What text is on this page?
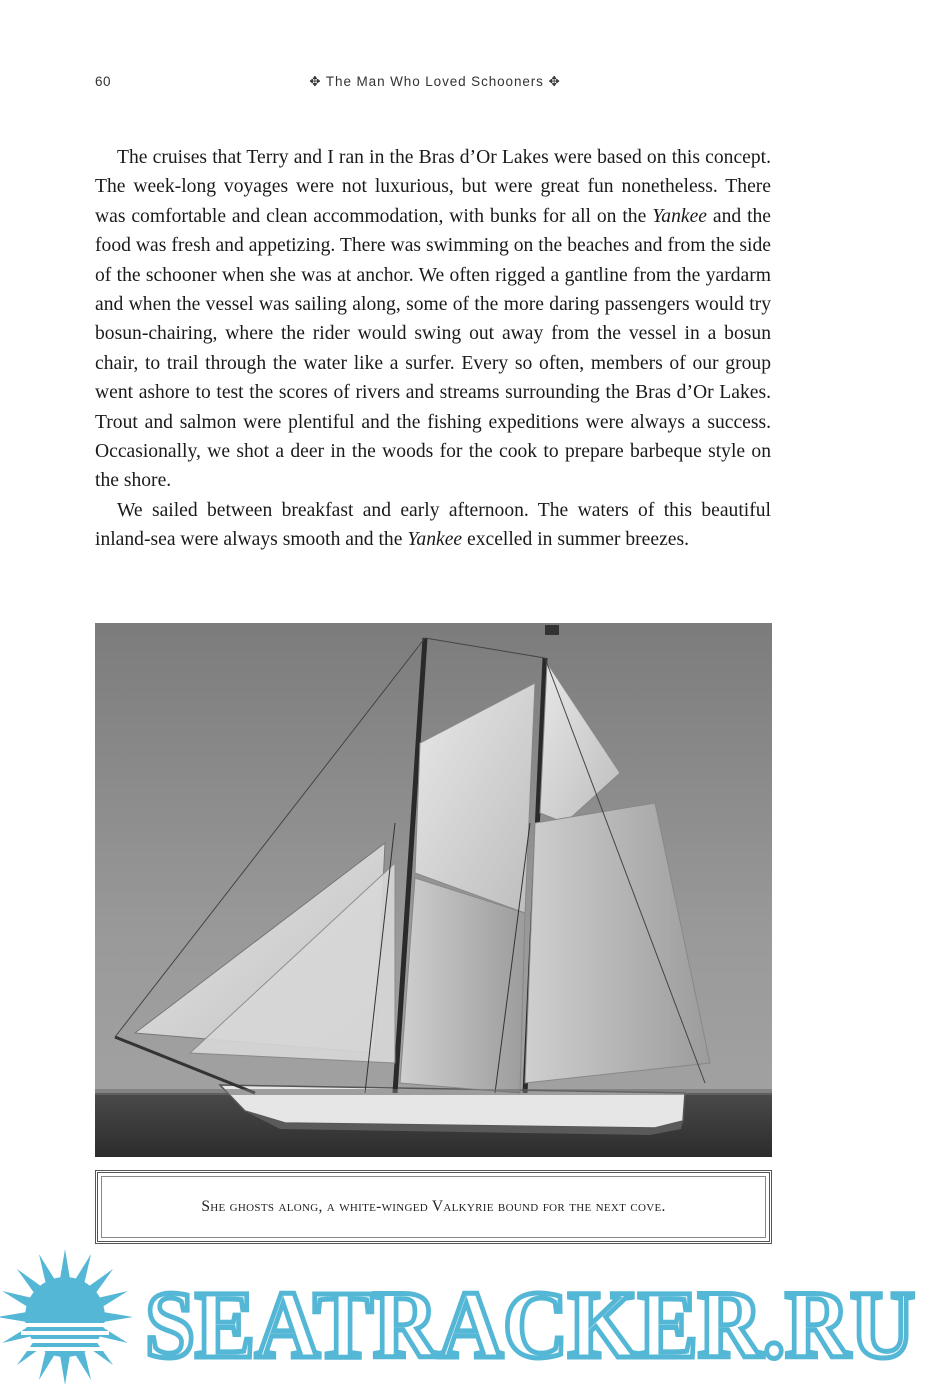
60	✥ The Man Who Loved Schooners ✥

The cruises that Terry and I ran in the Bras d’Or Lakes were based on this concept. The week-long voyages were not luxurious, but were great fun nonetheless. There was comfortable and clean accommodation, with bunks for all on the Yankee and the food was fresh and appetizing. There was swimming on the beaches and from the side of the schooner when she was at anchor. We often rigged a gantline from the yardarm and when the vessel was sailing along, some of the more daring passengers would try bosun-chairing, where the rider would swing out away from the vessel in a bosun chair, to trail through the water like a surfer. Every so often, members of our group went ashore to test the scores of rivers and streams surrounding the Bras d’Or Lakes. Trout and salmon were plentiful and the fishing expeditions were always a success. Occasionally, we shot a deer in the woods for the cook to prepare barbeque style on the shore.

We sailed between breakfast and early afternoon. The waters of this beautiful inland-sea were always smooth and the Yankee excelled in summer breezes.

She ghosts along, a white-winged Valkyrie bound for the next cove.
SEATRACKER.RU
